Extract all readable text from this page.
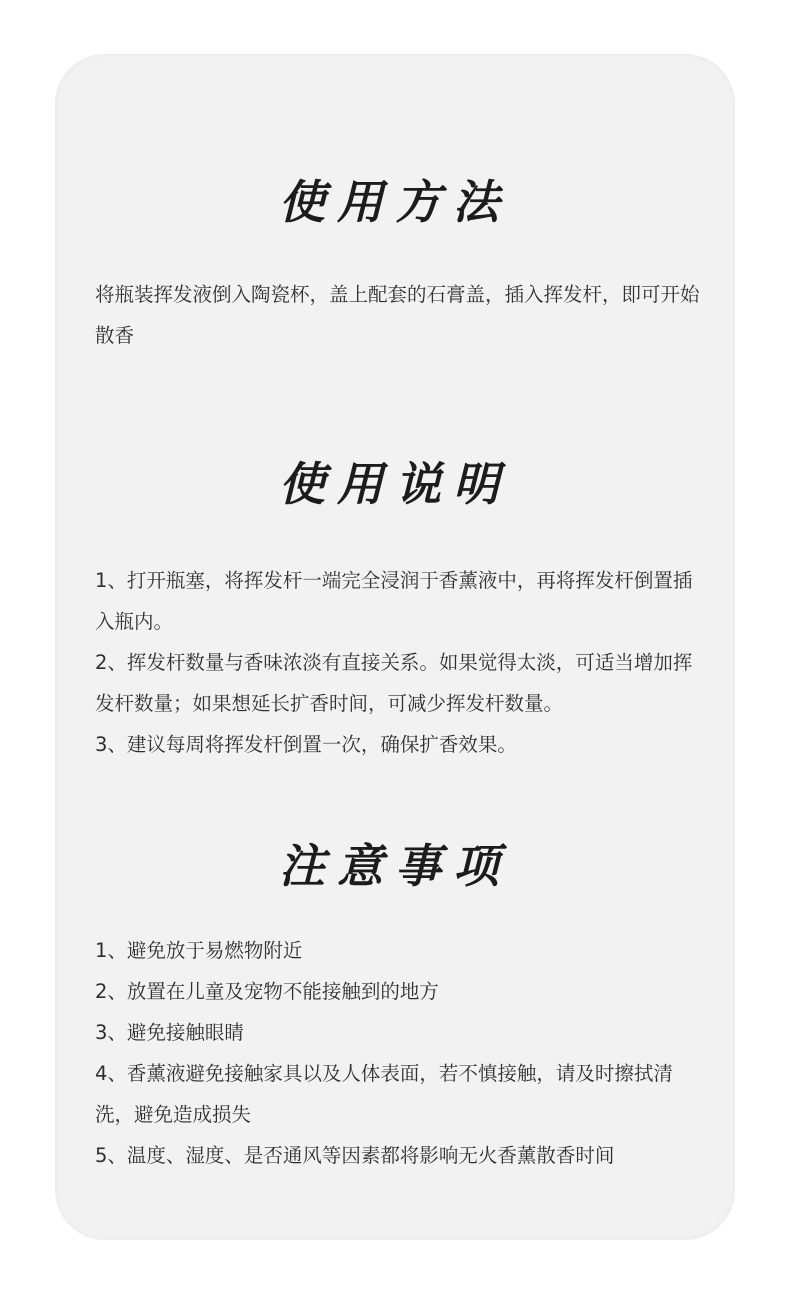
使用方法

将瓶装挥发液倒入陶瓷杯，盖上配套的石膏盖，插入挥发杆，即可开始散香

使用说明

1、打开瓶塞，将挥发杆一端完全浸润于香薰液中，再将挥发杆倒置插入瓶内。

2、挥发杆数量与香味浓淡有直接关系。如果觉得太淡，可适当增加挥发杆数量；如果想延长扩香时间，可减少挥发杆数量。

3、建议每周将挥发杆倒置一次，确保扩香效果。

注意事项

1、避免放于易燃物附近

2、放置在儿童及宠物不能接触到的地方

3、避免接触眼睛

4、香薰液避免接触家具以及人体表面，若不慎接触，请及时擦拭清洗，避免造成损失

5、温度、湿度、是否通风等因素都将影响无火香薰散香时间
